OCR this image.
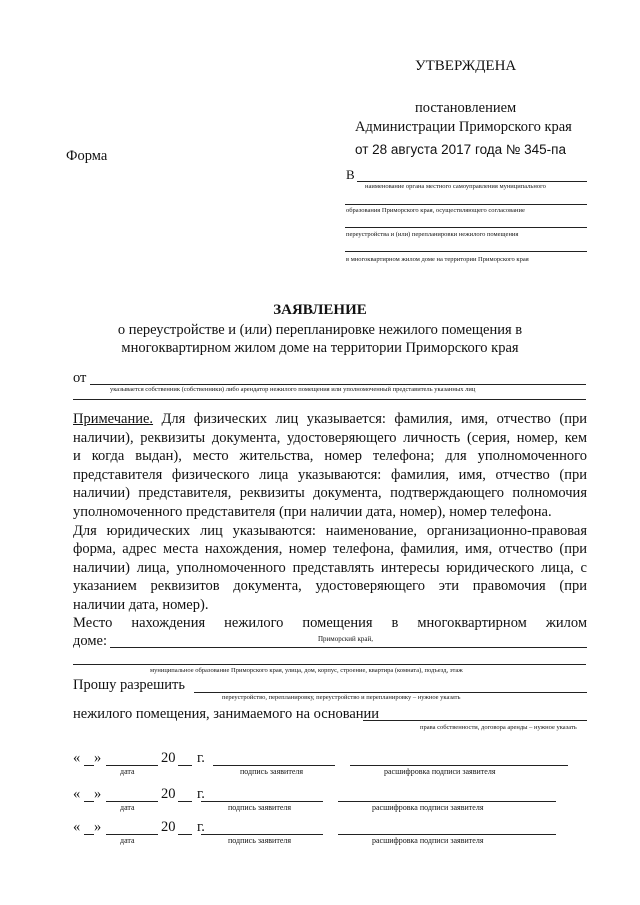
УТВЕРЖДЕНА
постановлением
Администрации Приморского края
от 28 августа 2017 года № 345-па
Форма
В
наименование органа местного самоуправления муниципального
образования Приморского края, осуществляющего согласование
переустройства и (или) перепланировки нежилого помещения
в многоквартирном жилом доме на территории Приморского края
ЗАЯВЛЕНИЕ
о переустройстве и (или) перепланировке нежилого помещения в
многоквартирном жилом доме на территории Приморского края
от
указывается собственник (собственники) либо арендатор нежилого помещения или уполномоченный представитель указанных лиц
Примечание. Для физических лиц указывается: фамилия, имя, отчество (при
наличии), реквизиты документа, удостоверяющего личность (серия, номер, кем
и когда выдан), место жительства, номер телефона; для уполномоченного
представителя физического лица указываются: фамилия, имя, отчество (при
наличии) представителя, реквизиты документа, подтверждающего полномочия
уполномоченного представителя (при наличии дата, номер), номер телефона.
Для юридических лиц указываются: наименование, организационно-правовая
форма, адрес места нахождения, номер телефона, фамилия, имя, отчество (при
наличии) лица, уполномоченного представлять интересы юридического лица, с
указанием реквизитов документа, удостоверяющего эти правомочия (при
наличии дата, номер).
Место нахождения нежилого помещения в многоквартирном жилом
доме:	Приморский край,
муниципальное образование Приморского края, улица, дом, корпус, строение, квартира (комната), подъезд, этаж
Прошу разрешить
переустройство, перепланировку, переустройство и перепланировку – нужное указать
нежилого помещения, занимаемого на основании
права собственности, договора аренды – нужное указать
« »	20 г.
дата	подпись заявителя	расшифровка подписи заявителя
« »	20 г.
дата	подпись заявителя	расшифровка подписи заявителя
« »	20 г.
дата	подпись заявителя	расшифровка подписи заявителя
